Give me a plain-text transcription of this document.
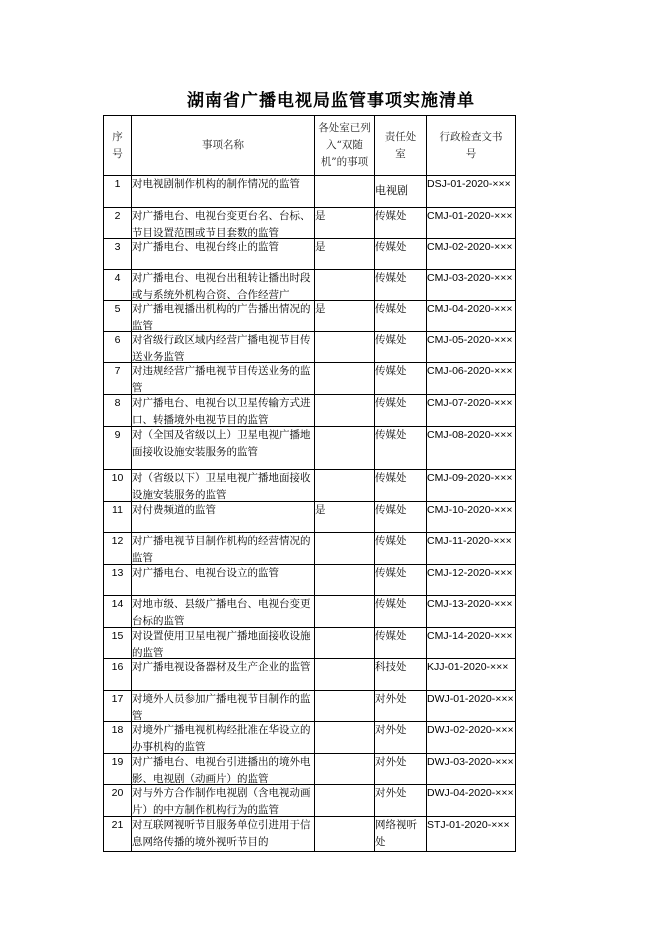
湖南省广播电视局监管事项实施清单
序号	事项名称	各处室已列入“双随机”的事项	责任处室	行政检查文书号
1	对电视剧制作机构的制作情况的监管		电视剧	DSJ-01-2020-×××

2	对广播电台、电视台变更台名、台标、节目设置范围或节目套数的监管	是	传媒处	CMJ-01-2020-×××

3	对广播电台、电视台终止的监管	是	传媒处	CMJ-02-2020-×××

4	对广播电台、电视台出租转让播出时段或与系统外机构合资、合作经营广		传媒处	CMJ-03-2020-×××

5	对广播电视播出机构的广告播出情况的监管	是	传媒处	CMJ-04-2020-×××

6	对省级行政区域内经营广播电视节目传送业务监管		传媒处	CMJ-05-2020-×××

7	对违规经营广播电视节目传送业务的监管		传媒处	CMJ-06-2020-×××

8	对广播电台、电视台以卫星传输方式进口、转播境外电视节目的监管		传媒处	CMJ-07-2020-×××

9	对（全国及省级以上）卫星电视广播地面接收设施安装服务的监管		传媒处	CMJ-08-2020-×××

10	对（省级以下）卫星电视广播地面接收设施安装服务的监管		传媒处	CMJ-09-2020-×××

11	对付费频道的监管	是	传媒处	CMJ-10-2020-×××

12	对广播电视节目制作机构的经营情况的监管		传媒处	CMJ-11-2020-×××

13	对广播电台、电视台设立的监管		传媒处	CMJ-12-2020-×××

14	对地市级、县级广播电台、电视台变更台标的监管		传媒处	CMJ-13-2020-×××

15	对设置使用卫星电视广播地面接收设施的监管		传媒处	CMJ-14-2020-×××

16	对广播电视设备器材及生产企业的监管		科技处	KJJ-01-2020-×××

17	对境外人员参加广播电视节目制作的监管		对外处	DWJ-01-2020-×××

18	对境外广播电视机构经批准在华设立的办事机构的监管		对外处	DWJ-02-2020-×××

19	对广播电台、电视台引进播出的境外电影、电视剧（动画片）的监管		对外处	DWJ-03-2020-×××

20	对与外方合作制作电视剧（含电视动画片）的中方制作机构行为的监管		对外处	DWJ-04-2020-×××

21	对互联网视听节目服务单位引进用于信息网络传播的境外视听节目的		网络视听处	STJ-01-2020-×××
